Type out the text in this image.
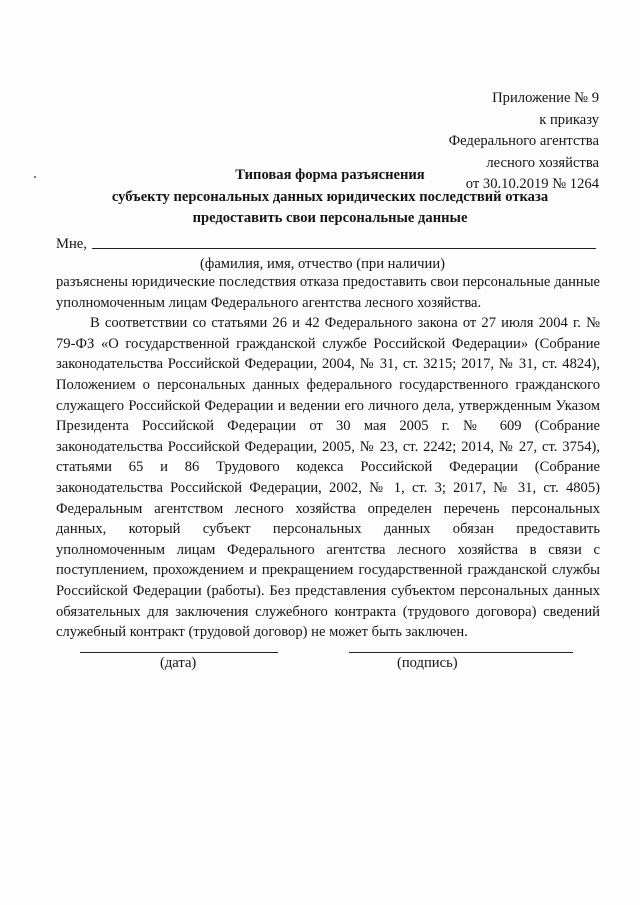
Приложение № 9
к приказу
Федерального агентства
лесного хозяйства
от 30.10.2019 № 1264
Типовая форма разъяснения
субъекту персональных данных юридических последствий отказа
предоставить свои персональные данные
Мне,
(фамилия, имя, отчество (при наличии)

разъяснены юридические последствия отказа предоставить свои персональные данные уполномоченным лицам Федерального агентства лесного хозяйства.

В соответствии со статьями 26 и 42 Федерального закона от 27 июля 2004 г. № 79-ФЗ «О государственной гражданской службе Российской Федерации» (Собрание законодательства Российской Федерации, 2004, № 31, ст. 3215; 2017, № 31, ст. 4824), Положением о персональных данных федерального государственного гражданского служащего Российской Федерации и ведении его личного дела, утвержденным Указом Президента Российской Федерации от 30 мая 2005 г. № 609 (Собрание законодательства Российской Федерации, 2005, № 23, ст. 2242; 2014, № 27, ст. 3754), статьями 65 и 86 Трудового кодекса Российской Федерации (Собрание законодательства Российской Федерации, 2002, № 1, ст. 3; 2017, № 31, ст. 4805) Федеральным агентством лесного хозяйства определен перечень персональных данных, который субъект персональных данных обязан предоставить уполномоченным лицам Федерального агентства лесного хозяйства в связи с поступлением, прохождением и прекращением государственной гражданской службы Российской Федерации (работы). Без представления субъектом персональных данных обязательных для заключения служебного контракта (трудового договора) сведений служебный контракт (трудовой договор) не может быть заключен.

(дата)	(подпись)
